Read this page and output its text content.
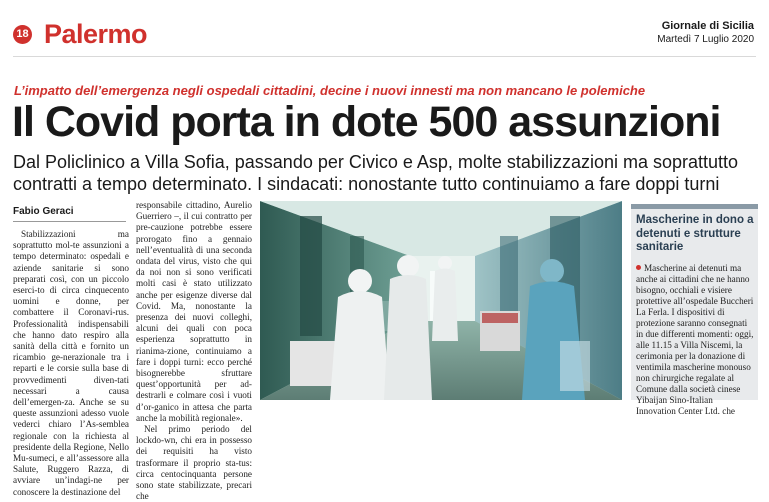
18 Palermo	Giornale di Sicilia
Martedì 7 Luglio 2020
L’impatto dell’emergenza negli ospedali cittadini, decine i nuovi innesti ma non mancano le polemiche
Il Covid porta in dote 500 assunzioni
Dal Policlinico a Villa Sofia, passando per Civico e Asp, molte stabilizzazioni ma soprattutto
contratti a tempo determinato. I sindacati: nonostante tutto continuiamo a fare doppi turni
Fabio Geraci

Stabilizzazioni ma soprattutto mol-te assunzioni a tempo determinato: ospedali e aziende sanitarie si sono preparati così, con un piccolo eserci-to di circa cinquecento uomini e donne, per combattere il Coronavi-rus. Professionalità indispensabili che hanno dato respiro alla sanità della città e fornito un ricambio ge-nerazionale tra i reparti e le corsie sulla base di provvedimenti diven-tati necessari a causa dell’emergen-za. Anche se su queste assunzioni adesso vuole vederci chiaro l’As-semblea regionale con la richiesta al presidente della Regione, Nello Mu-sumeci, e all’assessore alla Salute, Ruggero Razza, di avviare un’indagi-ne per conoscere la destinazione del

responsabile cittadino, Aurelio Guerriero –, il cui contratto per pre-cauzione potrebbe essere prorogato fino a gennaio nell’eventualità di una seconda ondata del virus, visto che qui da noi non si sono verificati molti casi è stato utilizzato anche per esigenze diverse dal Covid. Ma, nonostante la presenza dei nuovi colleghi, alcuni dei quali con poca esperienza soprattutto in rianima-zione, continuiamo a fare i doppi turni: ecco perché bisognerebbe sfruttare quest’opportunità per ad-destrarli e colmare così i vuoti d’or-ganico in attesa che parta anche la mobilità regionale».

Nel primo periodo del lockdo-wn, chi era in possesso dei requisiti ha visto trasformare il proprio sta-tus: circa centocinquanta persone sono state stabilizzate, precari che

Mascherine in dono a detenuti e strutture sanitarie
Mascherine ai detenuti ma anche ai cittadini che ne hanno bisogno, occhiali e visiere protettive all’ospedale Buccheri La Ferla. I dispositivi di protezione saranno consegnati in due differenti momenti: oggi, alle 11.15 a Villa Niscemi, la cerimonia per la donazione di ventimila mascherine monouso non chirurgiche regalate al Comune dalla società cinese Yibaijan Sino-Italian Innovation Center Ltd. che
